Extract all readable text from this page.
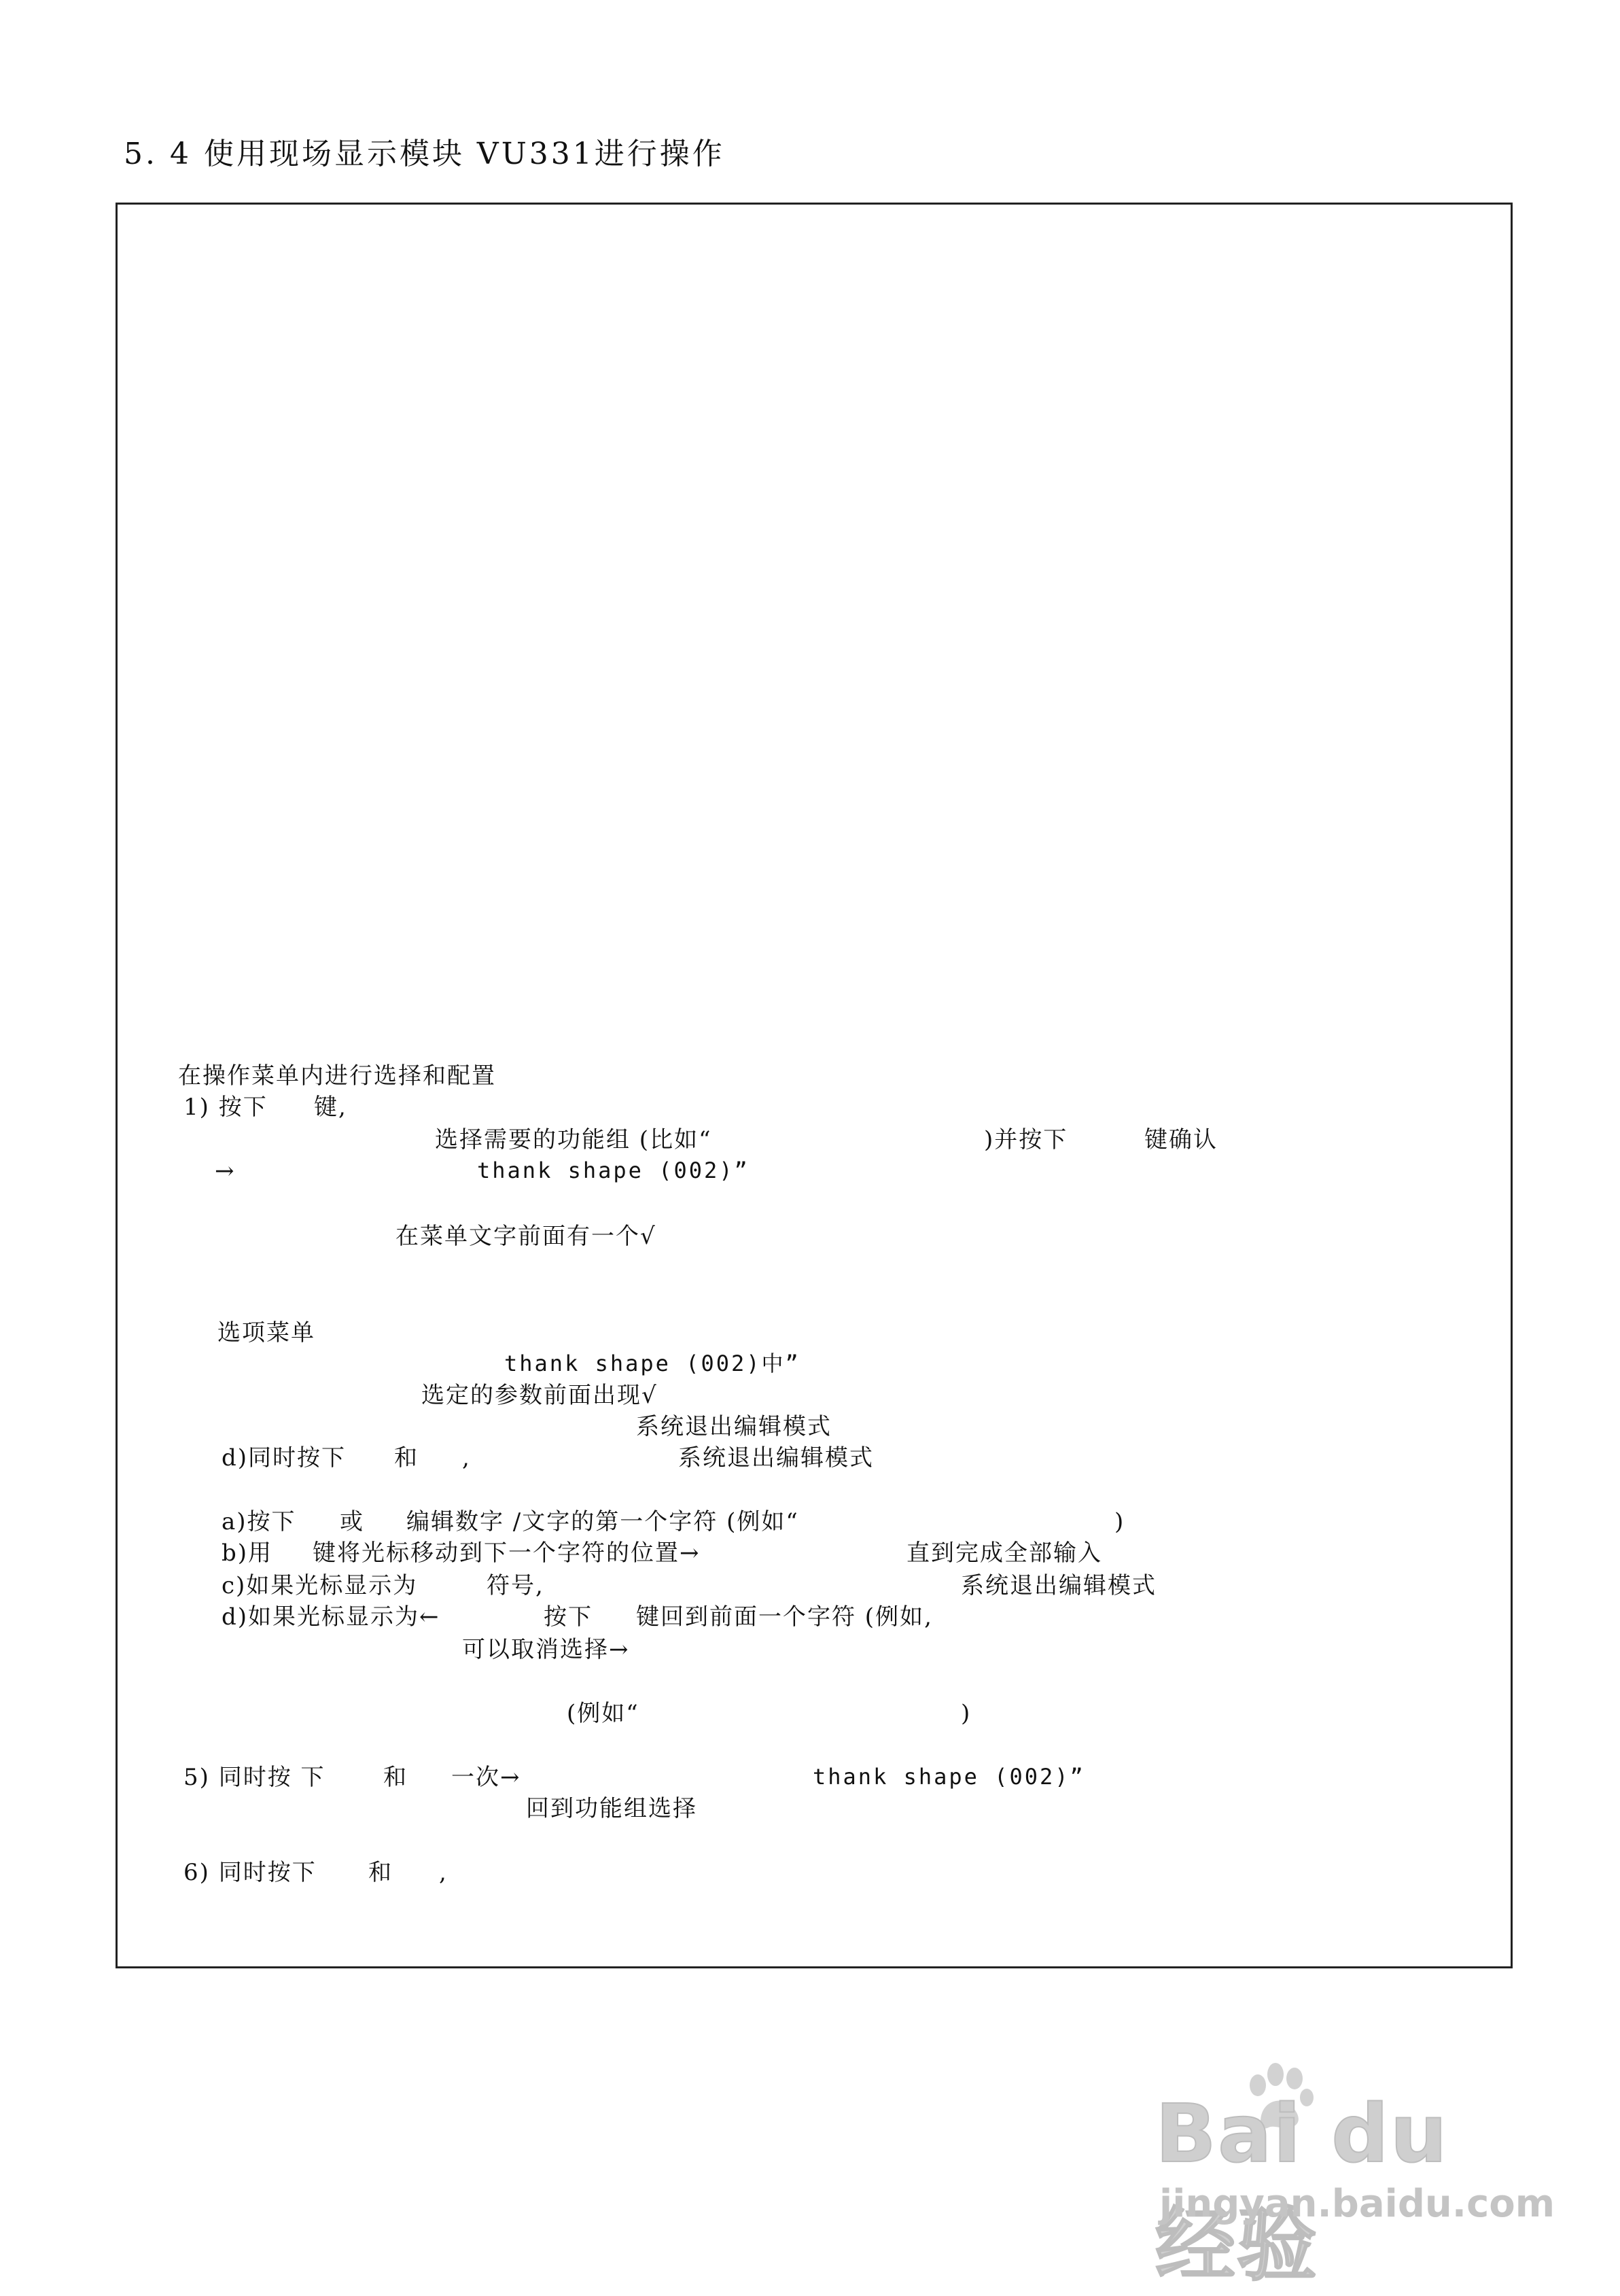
5. 4 使用现场显示模块 VU331进行操作
在操作菜单内进行选择和配置
1) 按下 键,
选择需要的功能组 (比如“	)并按下	键确认
→	thank shape (002)”
在菜单文字前面有一个√
选项菜单
thank shape (002)中”
选定的参数前面出现√
系统退出编辑模式
d)同时按下 和 ,	系统退出编辑模式
a)按下 或 编辑数字 /文字的第一个字符 (例如“	)
b)用 键将光标移动到下一个字符的位置→	直到完成全部输入
c)如果光标显示为	符号,	系统退出编辑模式
d)如果光标显示为←	按下 键回到前面一个字符 (例如,
可以取消选择→
(例如“	)
5) 同时按 下	和 一次→	thank shape (002)”
回到功能组选择
6) 同时按下 和 ,
Bai du 经验
jingyan.baidu.com
